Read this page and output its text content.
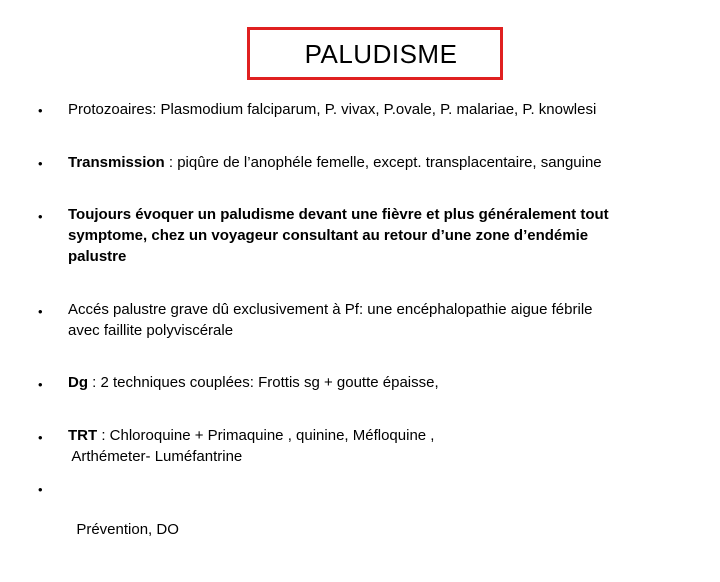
PALUDISME
• Protozoaires: Plasmodium falciparum, P. vivax, P.ovale, P. malariae, P. knowlesi
• Transmission : piqûre de l’anophéle femelle, except. transplacentaire, sanguine
• Toujours évoquer un paludisme devant une fièvre et plus généralement tout
symptome, chez un voyageur consultant au retour d’une zone d’endémie
palustre
• Accés palustre grave dû exclusivement à Pf: une encéphalopathie aigue fébrile
avec faillite polyviscérale
• Dg : 2 techniques couplées: Frottis sg + goutte épaisse,
• TRT : Chloroquine + Primaquine , quinine, Méfloquine ,
Arthémeter- Luméfantrine
•

Prévention, DO
